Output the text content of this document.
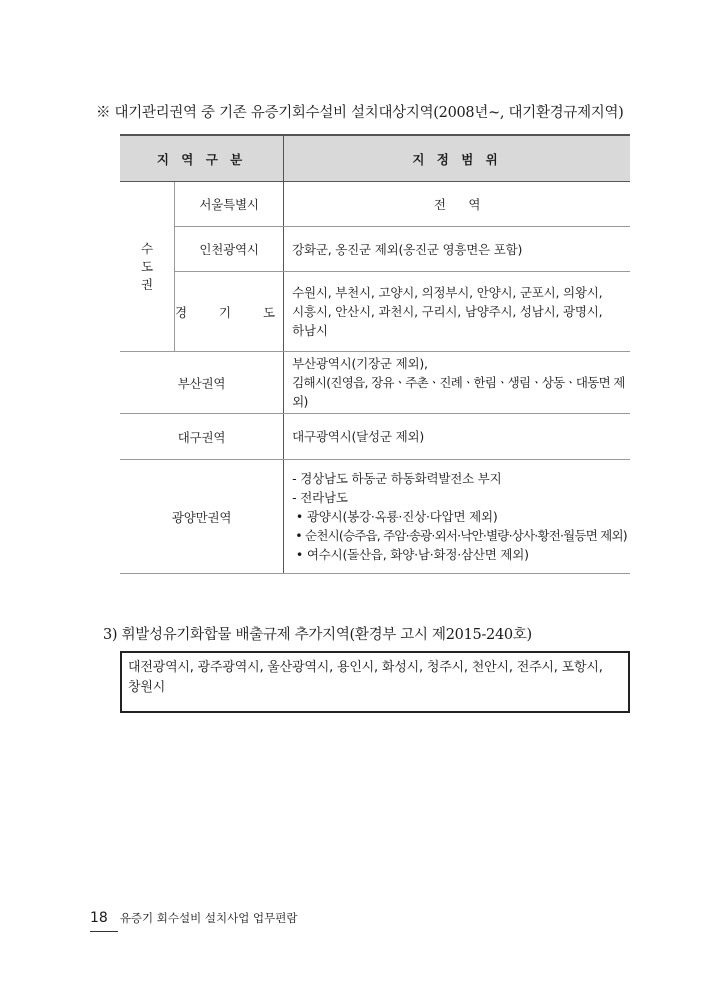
※ 대기관리권역 중 기존 유증기회수설비 설치대상지역(2008년~, 대기환경규제지역)
지 역 구 분		지 정 범 위

수
도
권	서울특별시	전      역
	인천광역시	강화군, 옹진군 제외(옹진군 영흥면은 포함)
	경  기  도	수원시, 부천시, 고양시, 의정부시, 안양시, 군포시, 의왕시,
시흥시, 안산시, 과천시, 구리시, 남양주시, 성남시, 광명시,
하남시

부산권역		부산광역시(기장군 제외),
김해시(진영읍, 장유ㆍ주촌ㆍ진례ㆍ한림ㆍ생림ㆍ상동ㆍ대동면 제외)

대구권역		대구광역시(달성군 제외)
광양만권역		- 경상남도 하동군 하동화력발전소 부지
- 전라남도
• 광양시(봉강·옥룡·진상·다압면 제외)
• 순천시(승주읍, 주암·송광·외서·낙안·별량·상사·황전·월등면 제외)
• 여수시(돌산읍, 화양·남·화정·삼산면 제외)
3) 휘발성유기화합물 배출규제 추가지역(환경부 고시 제2015-240호)
대전광역시, 광주광역시, 울산광역시, 용인시, 화성시, 청주시, 천안시, 전주시, 포항시,
창원시
18 유증기 회수설비 설치사업 업무편람
